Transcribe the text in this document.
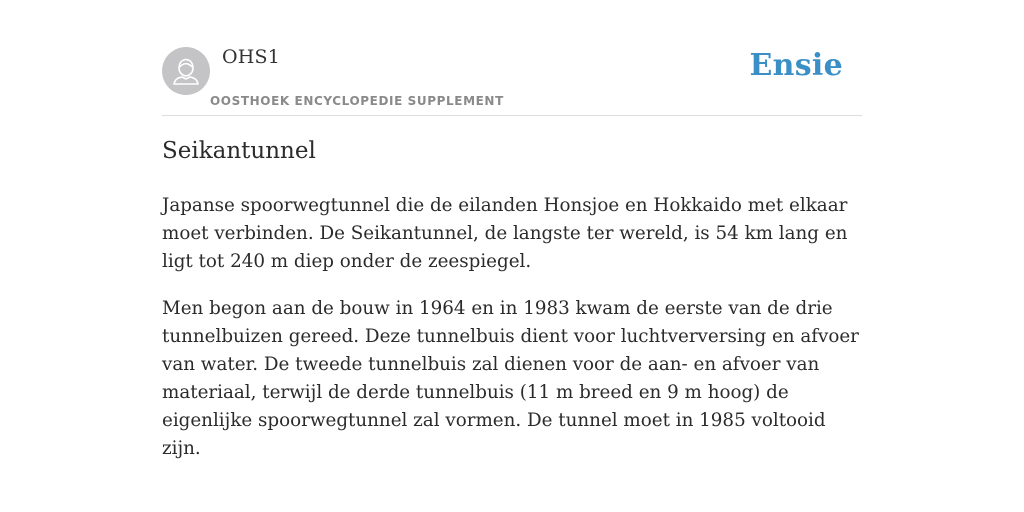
OHS1
OOSTHOEK ENCYCLOPEDIE SUPPLEMENT
Ensie
Seikantunnel

Japanse spoorwegtunnel die de eilanden Honsjoe en Hokkaido met elkaar moet verbinden. De Seikantunnel, de langste ter wereld, is 54 km lang en ligt tot 240 m diep onder de zeespiegel.

Men begon aan de bouw in 1964 en in 1983 kwam de eerste van de drie tunnelbuizen gereed. Deze tunnelbuis dient voor luchtverversing en afvoer van water. De tweede tunnelbuis zal dienen voor de aan- en afvoer van materiaal, terwijl de derde tunnelbuis (11 m breed en 9 m hoog) de eigenlijke spoorwegtunnel zal vormen. De tunnel moet in 1985 voltooid zijn.
